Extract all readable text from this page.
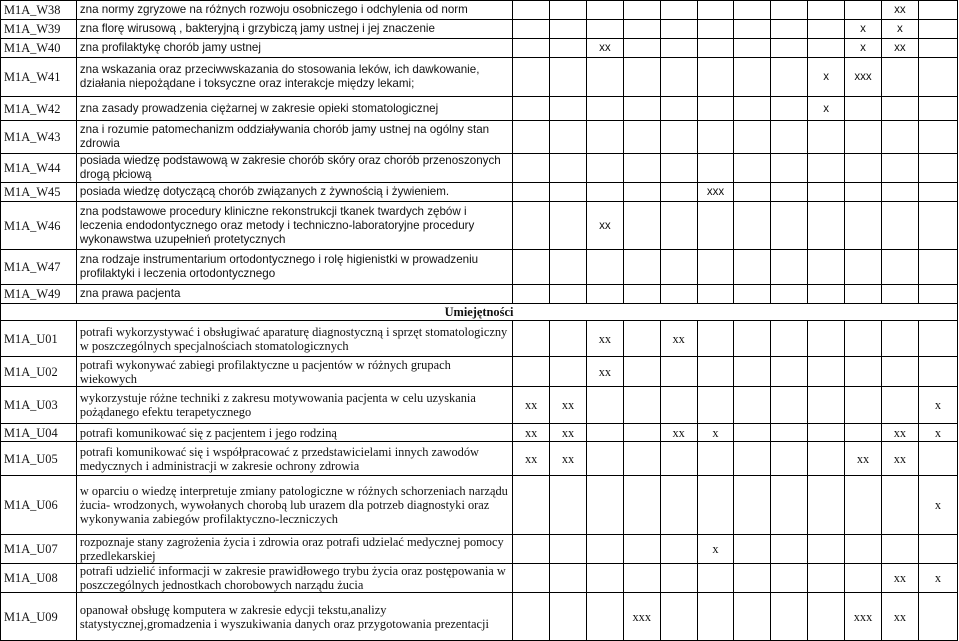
M1A_W38	zna normy zgryzowe na różnych rozwoju osobniczego i odchylenia od norm											xx	
M1A_W39	zna florę wirusową , bakteryjną i grzybiczą jamy ustnej i jej znaczenie										x	x	
M1A_W40	zna profilaktykę chorób jamy ustnej			xx							x	xx	
M1A_W41	zna wskazania oraz przeciwwskazania do stosowania leków, ich dawkowanie, działania niepożądane i toksyczne oraz interakcje między lekami;									x	xxx		
M1A_W42	zna zasady prowadzenia ciężarnej w zakresie opieki stomatologicznej									x			
M1A_W43	zna i rozumie patomechanizm oddziaływania chorób jamy ustnej na ogólny stan zdrowia												
M1A_W44	posiada wiedzę podstawową w zakresie chorób skóry oraz chorób przenoszonych drogą płciową												
M1A_W45	posiada wiedzę dotyczącą chorób związanych z żywnością i żywieniem.						xxx						
M1A_W46	zna podstawowe procedury kliniczne rekonstrukcji tkanek twardych zębów i leczenia endodontycznego oraz metody i techniczno-laboratoryjne procedury wykonawstwa uzupełnień protetycznych			xx									
M1A_W47	zna rodzaje instrumentarium ortodontycznego i rolę higienistki w prowadzeniu profilaktyki i leczenia ortodontycznego												
M1A_W49	zna prawa pacjenta												
Umiejętności													
M1A_U01	potrafi wykorzystywać i obsługiwać aparaturę diagnostyczną i sprzęt stomatologiczny w poszczególnych specjalnościach stomatologicznych			xx		xx							
M1A_U02	potrafi wykonywać zabiegi profilaktyczne u pacjentów w różnych grupach wiekowych			xx									
M1A_U03	wykorzystuje różne techniki z zakresu motywowania pacjenta w celu uzyskania pożądanego efektu terapetycznego	xx	xx										x
M1A_U04	potrafi komunikować się z pacjentem i jego rodziną	xx	xx			xx	x					xx	x
M1A_U05	potrafi komunikować się i współpracować z przedstawicielami innych zawodów medycznych i administracji w zakresie ochrony zdrowia	xx	xx								xx	xx	
M1A_U06	w oparciu o wiedzę interpretuje zmiany patologiczne w różnych schorzeniach narządu żucia- wrodzonych, wywołanych chorobą lub urazem dla potrzeb diagnostyki oraz wykonywania zabiegów profilaktyczno-leczniczych												x
M1A_U07	rozpoznaje stany zagrożenia życia i zdrowia oraz potrafi udzielać medycznej pomocy przedlekarskiej						x						
M1A_U08	potrafi udzielić informacji w zakresie prawidłowego trybu życia oraz postępowania w poszczególnych jednostkach chorobowych narządu żucia											xx	x
M1A_U09	opanował obsługę komputera w zakresie edycji tekstu,analizy statystycznej,gromadzenia i wyszukiwania danych oraz przygotowania prezentacji				xxx						xxx	xx	
